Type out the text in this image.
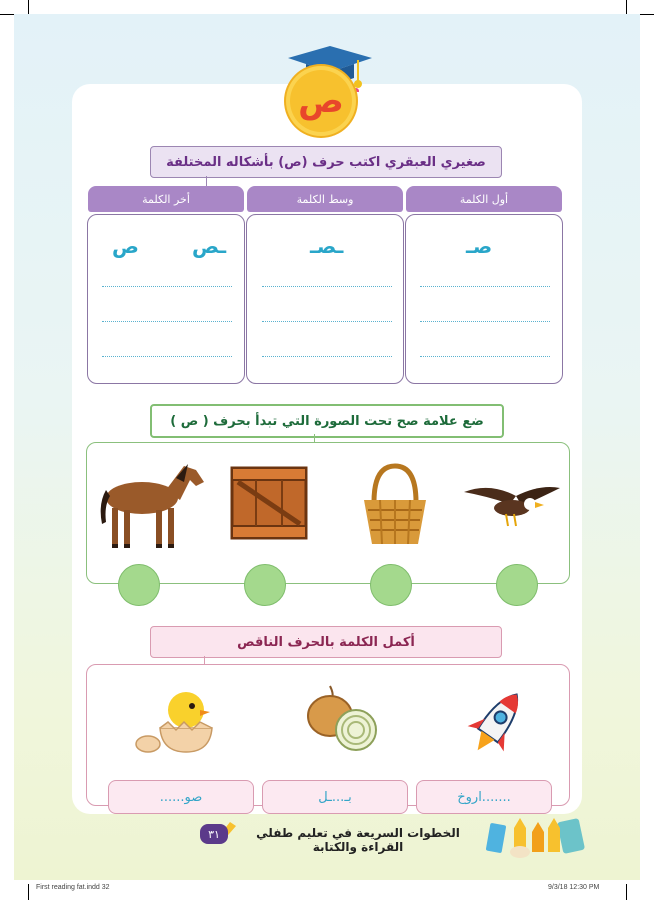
ص
صغيري العبقري اكتب حرف (ص) بأشكاله المختلفة
أول الكلمة
وسط الكلمة
أخر الكلمة
صـ
ـصـ
ـص
ص
ضع علامة صح تحت الصورة التي تبدأ بحرف ( ص )
أكمل الكلمة بالحرف الناقص
.......اروخ
بـ...ـل
صو......
الخطوات السريعة في تعليم طفلي القراءة والكتابة
٣١
First reading fat.indd 32	9/3/18 12:30 PM
